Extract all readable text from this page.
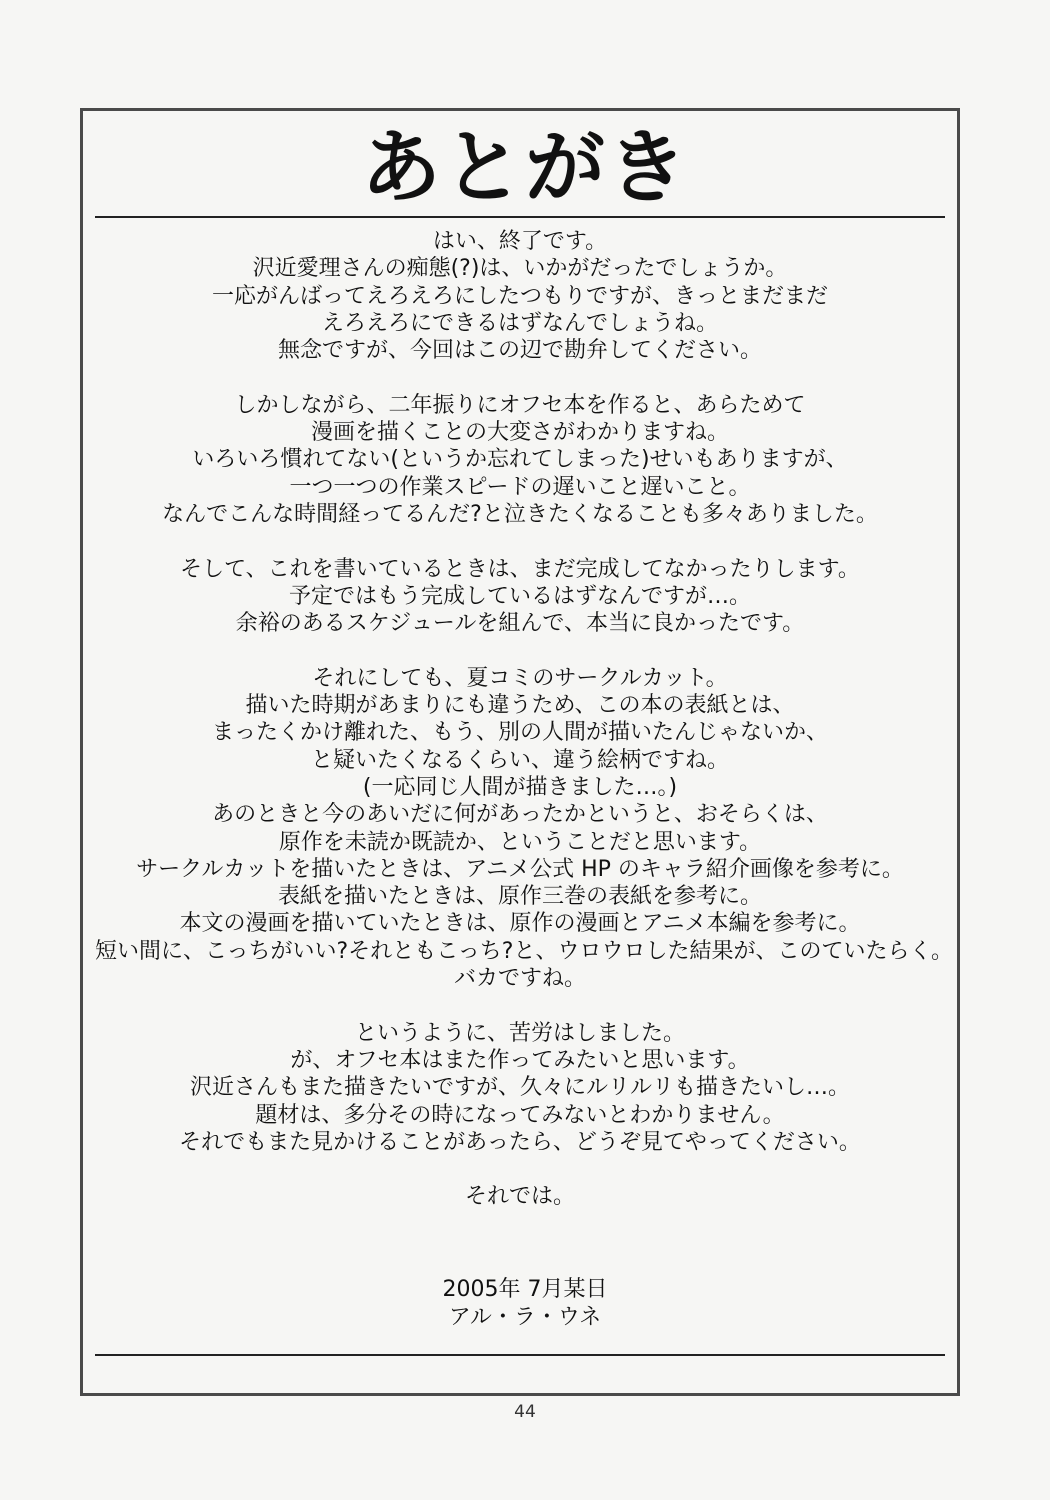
あとがき
はい、終了です。
沢近愛理さんの痴態(?)は、いかがだったでしょうか。
一応がんばってえろえろにしたつもりですが、きっとまだまだ
えろえろにできるはずなんでしょうね。
無念ですが、今回はこの辺で勘弁してください。
しかしながら、二年振りにオフセ本を作ると、あらためて
漫画を描くことの大変さがわかりますね。
いろいろ慣れてない(というか忘れてしまった)せいもありますが、
一つ一つの作業スピードの遅いこと遅いこと。
なんでこんな時間経ってるんだ?と泣きたくなることも多々ありました。
そして、これを書いているときは、まだ完成してなかったりします。
予定ではもう完成しているはずなんですが…。
余裕のあるスケジュールを組んで、本当に良かったです。
それにしても、夏コミのサークルカット。
描いた時期があまりにも違うため、この本の表紙とは、
まったくかけ離れた、もう、別の人間が描いたんじゃないか、
と疑いたくなるくらい、違う絵柄ですね。
(一応同じ人間が描きました…。)
あのときと今のあいだに何があったかというと、おそらくは、
原作を未読か既読か、ということだと思います。
サークルカットを描いたときは、アニメ公式 HP のキャラ紹介画像を参考に。
表紙を描いたときは、原作三巻の表紙を参考に。
本文の漫画を描いていたときは、原作の漫画とアニメ本編を参考に。
短い間に、こっちがいい?それともこっち?と、ウロウロした結果が、このていたらく。
バカですね。
というように、苦労はしました。
が、オフセ本はまた作ってみたいと思います。
沢近さんもまた描きたいですが、久々にルリルリも描きたいし…。
題材は、多分その時になってみないとわかりません。
それでもまた見かけることがあったら、どうぞ見てやってください。
それでは。
2005年 7月某日
アル・ラ・ウネ
44
